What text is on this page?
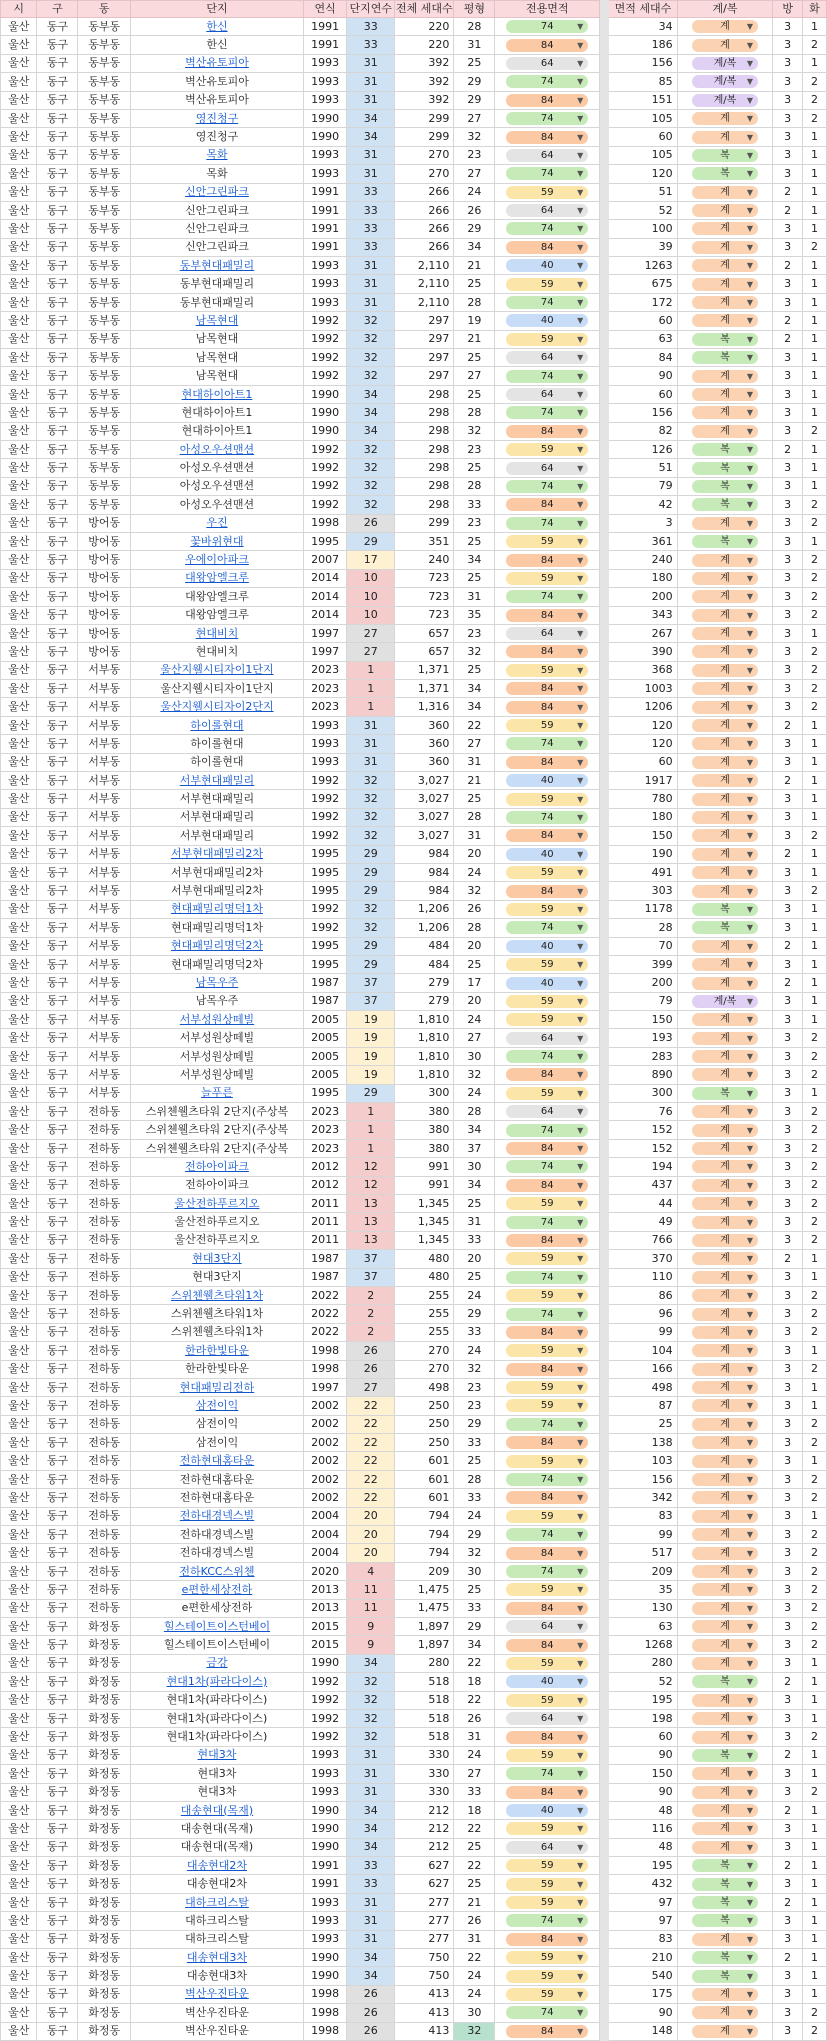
시	구	동	단지	연식	단지연수	전체 세대수	평형	전용면적		면적 세대수	계/복	방	화
울산	동구	동부동	한신	1991	33	220	28	74 ▼		34	계 ▼	3	1
울산	동구	동부동	한신	1991	33	220	31	84 ▼		186	계 ▼	3	2
울산	동구	동부동	벽산유토피아	1993	31	392	25	64 ▼		156	계/복 ▼	3	1
울산	동구	동부동	벽산유토피아	1993	31	392	29	74 ▼		85	계/복 ▼	3	2
울산	동구	동부동	벽산유토피아	1993	31	392	29	84 ▼		151	계/복 ▼	3	2
울산	동구	동부동	영진청구	1990	34	299	27	74 ▼		105	계 ▼	3	2
울산	동구	동부동	영진청구	1990	34	299	32	84 ▼		60	계 ▼	3	1
울산	동구	동부동	목화	1993	31	270	23	64 ▼		105	복 ▼	3	1
울산	동구	동부동	목화	1993	31	270	27	74 ▼		120	복 ▼	3	1
울산	동구	동부동	신안그린파크	1991	33	266	24	59 ▼		51	계 ▼	2	1
울산	동구	동부동	신안그린파크	1991	33	266	26	64 ▼		52	계 ▼	2	1
울산	동구	동부동	신안그린파크	1991	33	266	29	74 ▼		100	계 ▼	3	1
울산	동구	동부동	신안그린파크	1991	33	266	34	84 ▼		39	계 ▼	3	2
울산	동구	동부동	동부현대패밀리	1993	31	2,110	21	40 ▼		1263	계 ▼	2	1
울산	동구	동부동	동부현대패밀리	1993	31	2,110	25	59 ▼		675	계 ▼	3	1
울산	동구	동부동	동부현대패밀리	1993	31	2,110	28	74 ▼		172	계 ▼	3	1
울산	동구	동부동	남목현대	1992	32	297	19	40 ▼		60	계 ▼	2	1
울산	동구	동부동	남목현대	1992	32	297	21	59 ▼		63	복 ▼	2	1
울산	동구	동부동	남목현대	1992	32	297	25	64 ▼		84	복 ▼	3	1
울산	동구	동부동	남목현대	1992	32	297	27	74 ▼		90	계 ▼	3	1
울산	동구	동부동	현대하이아트1	1990	34	298	25	64 ▼		60	계 ▼	3	1
울산	동구	동부동	현대하이아트1	1990	34	298	28	74 ▼		156	계 ▼	3	1
울산	동구	동부동	현대하이아트1	1990	34	298	32	84 ▼		82	계 ▼	3	2
울산	동구	동부동	아성오우션맨션	1992	32	298	23	59 ▼		126	복 ▼	2	1
울산	동구	동부동	아성오우션맨션	1992	32	298	25	64 ▼		51	복 ▼	3	1
울산	동구	동부동	아성오우션맨션	1992	32	298	28	74 ▼		79	복 ▼	3	1
울산	동구	동부동	아성오우션맨션	1992	32	298	33	84 ▼		42	복 ▼	3	2
울산	동구	방어동	우진	1998	26	299	23	74 ▼		3	계 ▼	3	2
울산	동구	방어동	꽃바위현대	1995	29	351	25	59 ▼		361	복 ▼	3	1
울산	동구	방어동	우에이아파크	2007	17	240	34	84 ▼		240	계 ▼	3	2
울산	동구	방어동	대왕암엘크루	2014	10	723	25	59 ▼		180	계 ▼	3	2
울산	동구	방어동	대왕암엘크루	2014	10	723	31	74 ▼		200	계 ▼	3	2
울산	동구	방어동	대왕암엘크루	2014	10	723	35	84 ▼		343	계 ▼	3	2
울산	동구	방어동	현대비치	1997	27	657	23	64 ▼		267	계 ▼	3	1
울산	동구	방어동	현대비치	1997	27	657	32	84 ▼		390	계 ▼	3	2
울산	동구	서부동	울산지웰시티자이1단지	2023	1	1,371	25	59 ▼		368	계 ▼	3	2
울산	동구	서부동	울산지웰시티자이1단지	2023	1	1,371	34	84 ▼		1003	계 ▼	3	2
울산	동구	서부동	울산지웰시티자이2단지	2023	1	1,316	34	84 ▼		1206	계 ▼	3	2
울산	동구	서부동	하이롤현대	1993	31	360	22	59 ▼		120	계 ▼	2	1
울산	동구	서부동	하이롤현대	1993	31	360	27	74 ▼		120	계 ▼	3	1
울산	동구	서부동	하이롤현대	1993	31	360	31	84 ▼		60	계 ▼	3	1
울산	동구	서부동	서부현대패밀리	1992	32	3,027	21	40 ▼		1917	계 ▼	2	1
울산	동구	서부동	서부현대패밀리	1992	32	3,027	25	59 ▼		780	계 ▼	3	1
울산	동구	서부동	서부현대패밀리	1992	32	3,027	28	74 ▼		180	계 ▼	3	1
울산	동구	서부동	서부현대패밀리	1992	32	3,027	31	84 ▼		150	계 ▼	3	2
울산	동구	서부동	서부현대패밀리2차	1995	29	984	20	40 ▼		190	계 ▼	2	1
울산	동구	서부동	서부현대패밀리2차	1995	29	984	24	59 ▼		491	계 ▼	3	1
울산	동구	서부동	서부현대패밀리2차	1995	29	984	32	84 ▼		303	계 ▼	3	2
울산	동구	서부동	현대패밀리명덕1차	1992	32	1,206	26	59 ▼		1178	복 ▼	3	1
울산	동구	서부동	현대패밀리명덕1차	1992	32	1,206	28	74 ▼		28	복 ▼	3	1
울산	동구	서부동	현대패밀리명덕2차	1995	29	484	20	40 ▼		70	계 ▼	2	1
울산	동구	서부동	현대패밀리명덕2차	1995	29	484	25	59 ▼		399	계 ▼	3	1
울산	동구	서부동	남목우주	1987	37	279	17	40 ▼		200	계 ▼	2	1
울산	동구	서부동	남목우주	1987	37	279	20	59 ▼		79	계/복 ▼	3	1
울산	동구	서부동	서부성원상떼빌	2005	19	1,810	24	59 ▼		150	계 ▼	3	1
울산	동구	서부동	서부성원상떼빌	2005	19	1,810	27	64 ▼		193	계 ▼	3	2
울산	동구	서부동	서부성원상떼빌	2005	19	1,810	30	74 ▼		283	계 ▼	3	2
울산	동구	서부동	서부성원상떼빌	2005	19	1,810	32	84 ▼		890	계 ▼	3	2
울산	동구	서부동	늘푸른	1995	29	300	24	59 ▼		300	복 ▼	3	1
울산	동구	전하동	스위첸웰츠타워 2단지(주상복	2023	1	380	28	64 ▼		76	계 ▼	3	2
울산	동구	전하동	스위첸웰츠타워 2단지(주상복	2023	1	380	34	74 ▼		152	계 ▼	3	2
울산	동구	전하동	스위첸웰츠타워 2단지(주상복	2023	1	380	37	84 ▼		152	계 ▼	3	2
울산	동구	전하동	전하아이파크	2012	12	991	30	74 ▼		194	계 ▼	3	2
울산	동구	전하동	전하아이파크	2012	12	991	34	84 ▼		437	계 ▼	3	2
울산	동구	전하동	울산전하푸르지오	2011	13	1,345	25	59 ▼		44	계 ▼	3	2
울산	동구	전하동	울산전하푸르지오	2011	13	1,345	31	74 ▼		49	계 ▼	3	2
울산	동구	전하동	울산전하푸르지오	2011	13	1,345	33	84 ▼		766	계 ▼	3	2
울산	동구	전하동	현대3단지	1987	37	480	20	59 ▼		370	계 ▼	2	1
울산	동구	전하동	현대3단지	1987	37	480	25	74 ▼		110	계 ▼	3	1
울산	동구	전하동	스위첸웰츠타워1차	2022	2	255	24	59 ▼		86	계 ▼	3	2
울산	동구	전하동	스위첸웰츠타워1차	2022	2	255	29	74 ▼		96	계 ▼	3	2
울산	동구	전하동	스위첸웰츠타워1차	2022	2	255	33	84 ▼		99	계 ▼	3	2
울산	동구	전하동	한라한빛타운	1998	26	270	24	59 ▼		104	계 ▼	3	1
울산	동구	전하동	한라한빛타운	1998	26	270	32	84 ▼		166	계 ▼	3	2
울산	동구	전하동	현대패밀리전하	1997	27	498	23	59 ▼		498	계 ▼	3	1
울산	동구	전하동	삼전이익	2002	22	250	23	59 ▼		87	계 ▼	3	1
울산	동구	전하동	삼전이익	2002	22	250	29	74 ▼		25	계 ▼	3	2
울산	동구	전하동	삼전이익	2002	22	250	33	84 ▼		138	계 ▼	3	2
울산	동구	전하동	전하현대홈타운	2002	22	601	25	59 ▼		103	계 ▼	3	1
울산	동구	전하동	전하현대홈타운	2002	22	601	28	74 ▼		156	계 ▼	3	2
울산	동구	전하동	전하현대홈타운	2002	22	601	33	84 ▼		342	계 ▼	3	2
울산	동구	전하동	전하대경넥스빌	2004	20	794	24	59 ▼		83	계 ▼	3	1
울산	동구	전하동	전하대경넥스빌	2004	20	794	29	74 ▼		99	계 ▼	3	2
울산	동구	전하동	전하대경넥스빌	2004	20	794	32	84 ▼		517	계 ▼	3	2
울산	동구	전하동	전하KCC스위첸	2020	4	209	30	74 ▼		209	계 ▼	3	2
울산	동구	전하동	e편한세상전하	2013	11	1,475	25	59 ▼		35	계 ▼	3	2
울산	동구	전하동	e편한세상전하	2013	11	1,475	33	84 ▼		130	계 ▼	3	2
울산	동구	화정동	힐스테이트이스턴베이	2015	9	1,897	29	64 ▼		63	계 ▼	3	2
울산	동구	화정동	힐스테이트이스턴베이	2015	9	1,897	34	84 ▼		1268	계 ▼	3	2
울산	동구	화정동	금강	1990	34	280	22	59 ▼		280	계 ▼	3	1
울산	동구	화정동	현대1차(파라다이스)	1992	32	518	18	40 ▼		52	복 ▼	2	1
울산	동구	화정동	현대1차(파라다이스)	1992	32	518	22	59 ▼		195	계 ▼	3	1
울산	동구	화정동	현대1차(파라다이스)	1992	32	518	26	64 ▼		198	계 ▼	3	1
울산	동구	화정동	현대1차(파라다이스)	1992	32	518	31	84 ▼		60	계 ▼	3	2
울산	동구	화정동	현대3차	1993	31	330	24	59 ▼		90	복 ▼	2	1
울산	동구	화정동	현대3차	1993	31	330	27	74 ▼		150	계 ▼	3	1
울산	동구	화정동	현대3차	1993	31	330	33	84 ▼		90	계 ▼	3	2
울산	동구	화정동	대송현대(목재)	1990	34	212	18	40 ▼		48	계 ▼	2	1
울산	동구	화정동	대송현대(목재)	1990	34	212	22	59 ▼		116	계 ▼	3	1
울산	동구	화정동	대송현대(목재)	1990	34	212	25	64 ▼		48	계 ▼	3	1
울산	동구	화정동	대송현대2차	1991	33	627	22	59 ▼		195	복 ▼	2	1
울산	동구	화정동	대송현대2차	1991	33	627	25	59 ▼		432	복 ▼	3	1
울산	동구	화정동	대하크리스탈	1993	31	277	21	59 ▼		97	복 ▼	2	1
울산	동구	화정동	대하크리스탈	1993	31	277	26	74 ▼		97	복 ▼	3	1
울산	동구	화정동	대하크리스탈	1993	31	277	31	84 ▼		83	계 ▼	3	1
울산	동구	화정동	대송현대3차	1990	34	750	22	59 ▼		210	복 ▼	2	1
울산	동구	화정동	대송현대3차	1990	34	750	24	59 ▼		540	복 ▼	3	1
울산	동구	화정동	벽산우진타운	1998	26	413	24	59 ▼		175	계 ▼	3	1
울산	동구	화정동	벽산우진타운	1998	26	413	30	74 ▼		90	계 ▼	3	2
울산	동구	화정동	벽산우진타운	1998	26	413	32	84 ▼		148	계 ▼	3	2
